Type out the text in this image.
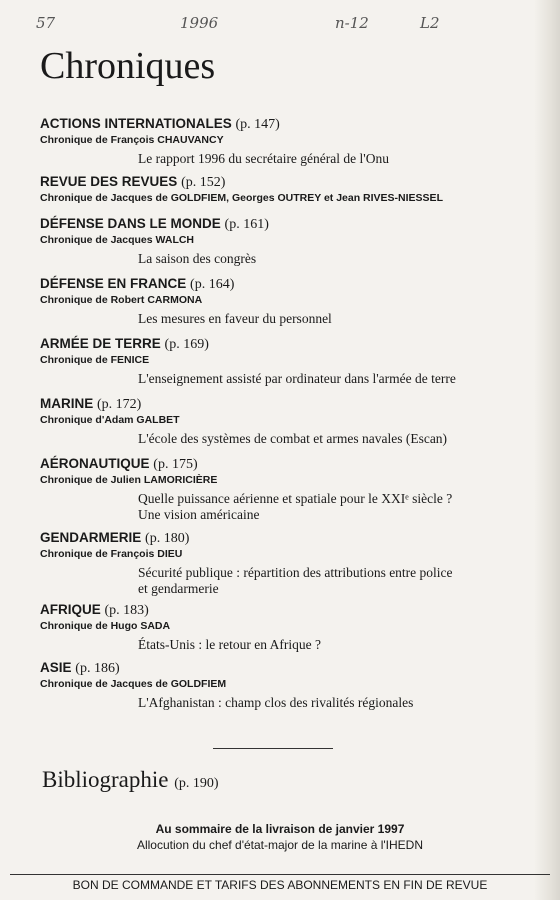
57	1996	n-12	L2
Chroniques
ACTIONS INTERNATIONALES (p. 147)
Chronique de François CHAUVANCY
Le rapport 1996 du secrétaire général de l'Onu
REVUE DES REVUES (p. 152)
Chronique de Jacques de GOLDFIEM, Georges OUTREY et Jean RIVES-NIESSEL
DÉFENSE DANS LE MONDE (p. 161)
Chronique de Jacques WALCH
La saison des congrès
DÉFENSE EN FRANCE (p. 164)
Chronique de Robert CARMONA
Les mesures en faveur du personnel
ARMÉE DE TERRE (p. 169)
Chronique de FENICE
L'enseignement assisté par ordinateur dans l'armée de terre
MARINE (p. 172)
Chronique d'Adam GALBET
L'école des systèmes de combat et armes navales (Escan)
AÉRONAUTIQUE (p. 175)
Chronique de Julien LAMORICIÈRE
Quelle puissance aérienne et spatiale pour le XXIᵉ siècle ?
Une vision américaine
GENDARMERIE (p. 180)
Chronique de François DIEU
Sécurité publique : répartition des attributions entre police
et gendarmerie
AFRIQUE (p. 183)
Chronique de Hugo SADA
États-Unis : le retour en Afrique ?
ASIE (p. 186)
Chronique de Jacques de GOLDFIEM
L'Afghanistan : champ clos des rivalités régionales
Bibliographie (p. 190)
Au sommaire de la livraison de janvier 1997
Allocution du chef d'état-major de la marine à l'IHEDN
BON DE COMMANDE ET TARIFS DES ABONNEMENTS EN FIN DE REVUE
